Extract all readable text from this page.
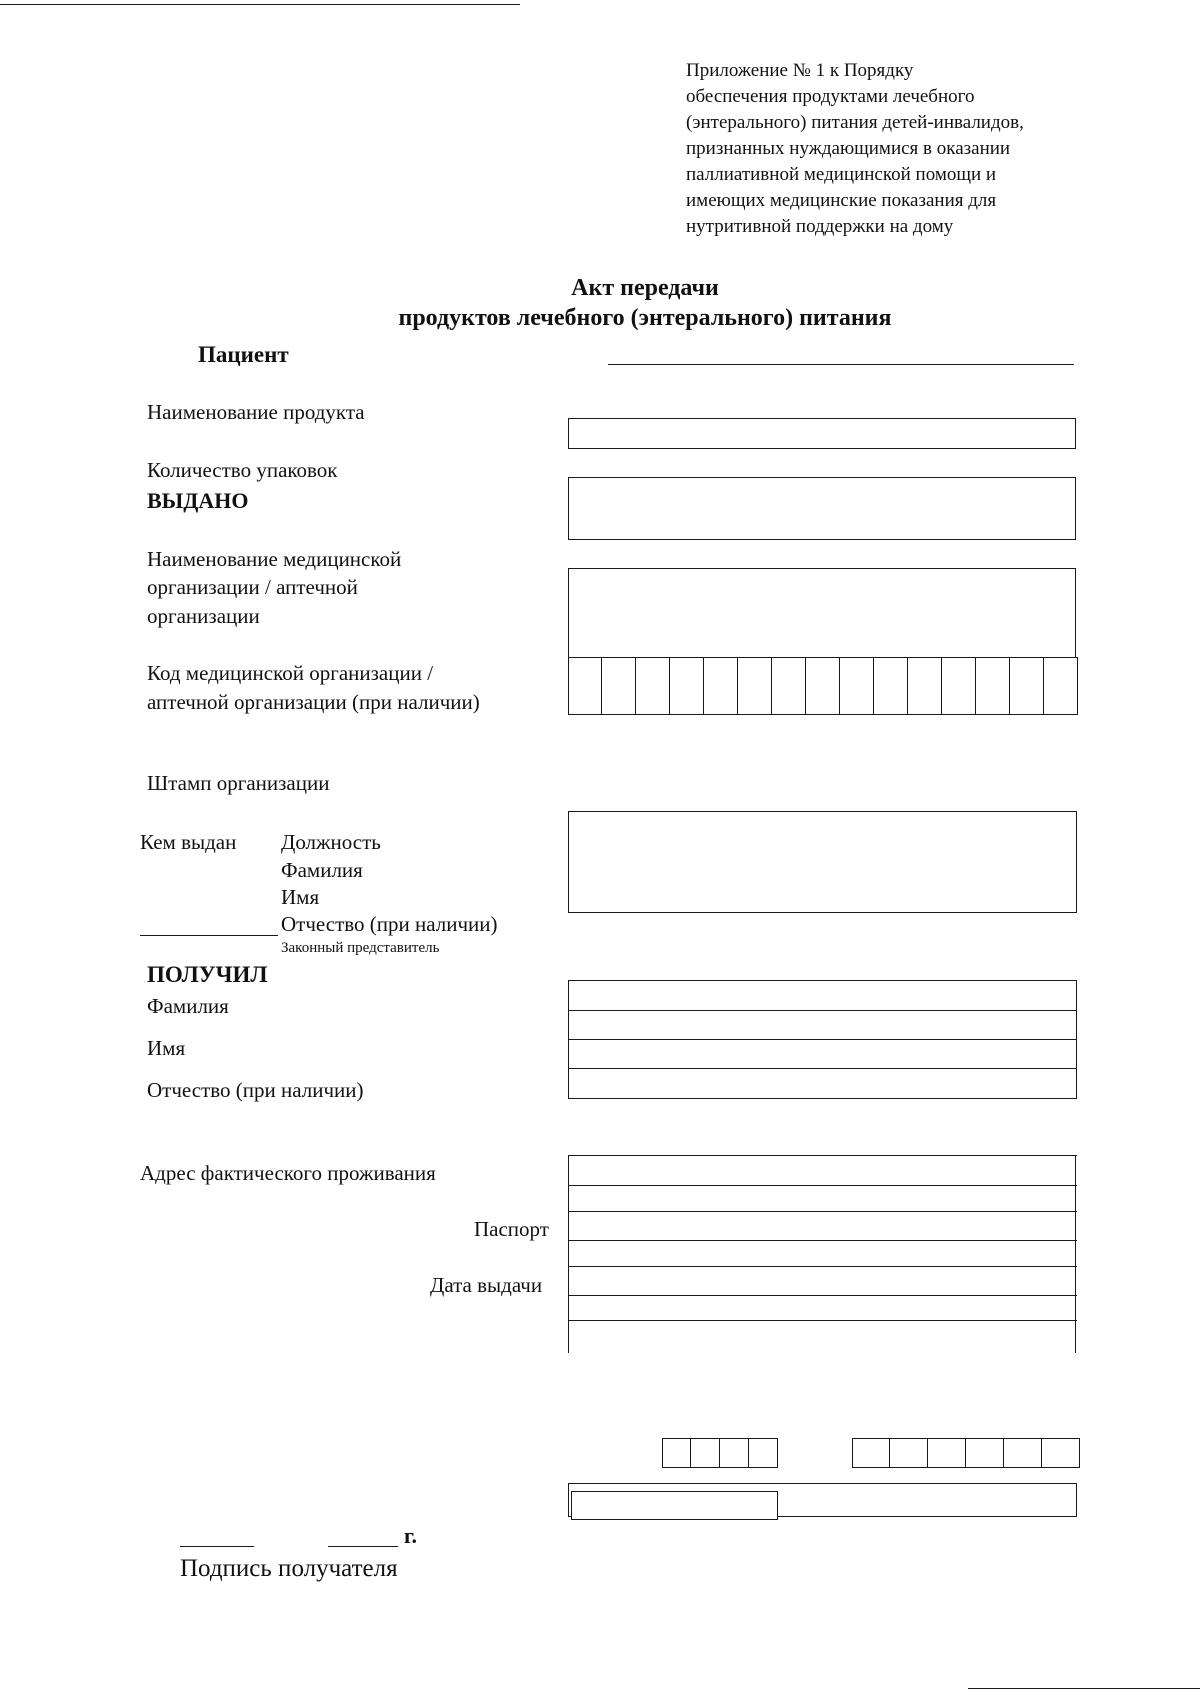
Приложение № 1 к Порядку
обеспечения продуктами лечебного
(энтерального) питания детей-инвалидов,
признанных нуждающимися в оказании
паллиативной медицинской помощи и
имеющих медицинские показания для
нутритивной поддержки на дому
Акт передачи
продуктов лечебного (энтерального) питания
Пациент
Наименование продукта
Количество упаковок
ВЫДАНО
Наименование медицинской
организации / аптечной
организации
Код медицинской организации /
аптечной организации (при наличии)
Штамп организации
Кем выдан Должность
Фамилия
Имя
Отчество (при наличии)
Законный представитель
ПОЛУЧИЛ
Фамилия
Имя
Отчество (при наличии)
Адрес фактического проживания
Паспорт
Дата выдачи
г.
Подпись получателя
